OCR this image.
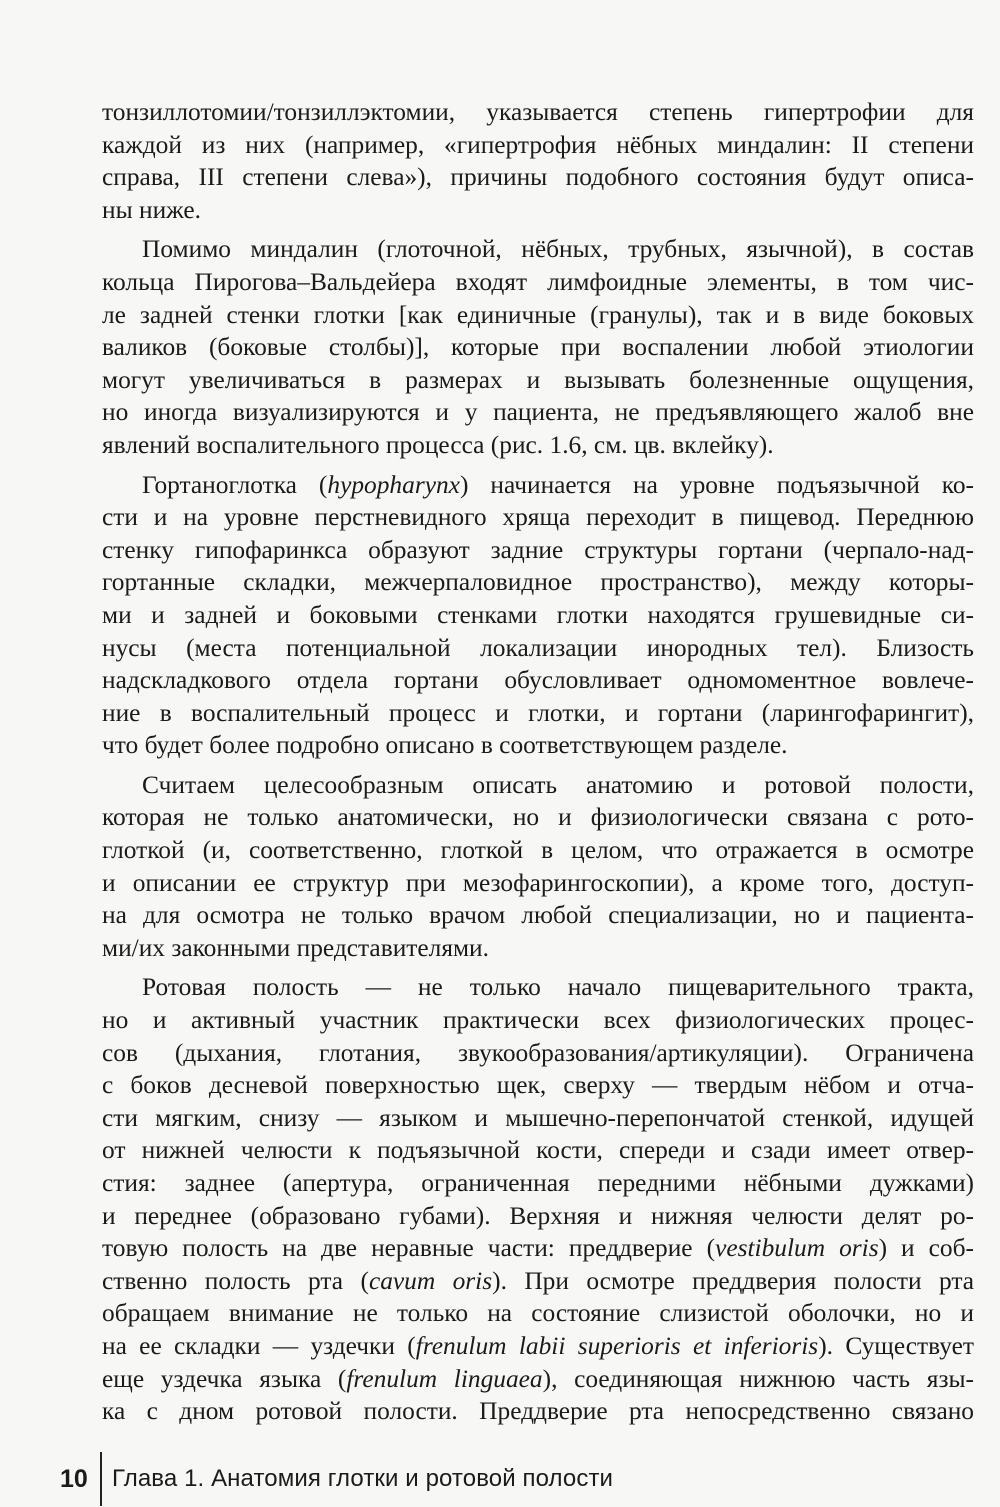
тонзиллотомии/тонзиллэктомии, указывается степень гипертрофии для
каждой из них (например, «гипертрофия нёбных миндалин: II степени
справа, III степени слева»), причины подобного состояния будут описа-
ны ниже.

Помимо миндалин (глоточной, нёбных, трубных, язычной), в состав
кольца Пирогова–Вальдейера входят лимфоидные элементы, в том чис-
ле задней стенки глотки [как единичные (гранулы), так и в виде боковых
валиков (боковые столбы)], которые при воспалении любой этиологии
могут увеличиваться в размерах и вызывать болезненные ощущения,
но иногда визуализируются и у пациента, не предъявляющего жалоб вне
явлений воспалительного процесса (рис. 1.6, см. цв. вклейку).

Гортаноглотка (hypopharynx) начинается на уровне подъязычной ко-
сти и на уровне перстневидного хряща переходит в пищевод. Переднюю
стенку гипофаринкса образуют задние структуры гортани (черпало-над-
гортанные складки, межчерпаловидное пространство), между которы-
ми и задней и боковыми стенками глотки находятся грушевидные си-
нусы (места потенциальной локализации инородных тел). Близость
надскладкового отдела гортани обусловливает одномоментное вовлече-
ние в воспалительный процесс и глотки, и гортани (ларингофарингит),
что будет более подробно описано в соответствующем разделе.

Считаем целесообразным описать анатомию и ротовой полости,
которая не только анатомически, но и физиологически связана с рото-
глоткой (и, соответственно, глоткой в целом, что отражается в осмотре
и описании ее структур при мезофарингоскопии), а кроме того, доступ-
на для осмотра не только врачом любой специализации, но и пациента-
ми/их законными представителями.

Ротовая полость — не только начало пищеварительного тракта,
но и активный участник практически всех физиологических процес-
сов (дыхания, глотания, звукообразования/артикуляции). Ограничена
с боков десневой поверхностью щек, сверху — твердым нёбом и отча-
сти мягким, снизу — языком и мышечно-перепончатой стенкой, идущей
от нижней челюсти к подъязычной кости, спереди и сзади имеет отвер-
стия: заднее (апертура, ограниченная передними нёбными дужками)
и переднее (образовано губами). Верхняя и нижняя челюсти делят ро-
товую полость на две неравные части: преддверие (vestibulum oris) и соб-
ственно полость рта (cavum oris). При осмотре преддверия полости рта
обращаем внимание не только на состояние слизистой оболочки, но и
на ее складки — уздечки (frenulum labii superioris et inferioris). Существует
еще уздечка языка (frenulum linguaea), соединяющая нижнюю часть язы-
ка с дном ротовой полости. Преддверие рта непосредственно связано

10	Глава 1. Анатомия глотки и ротовой полости
